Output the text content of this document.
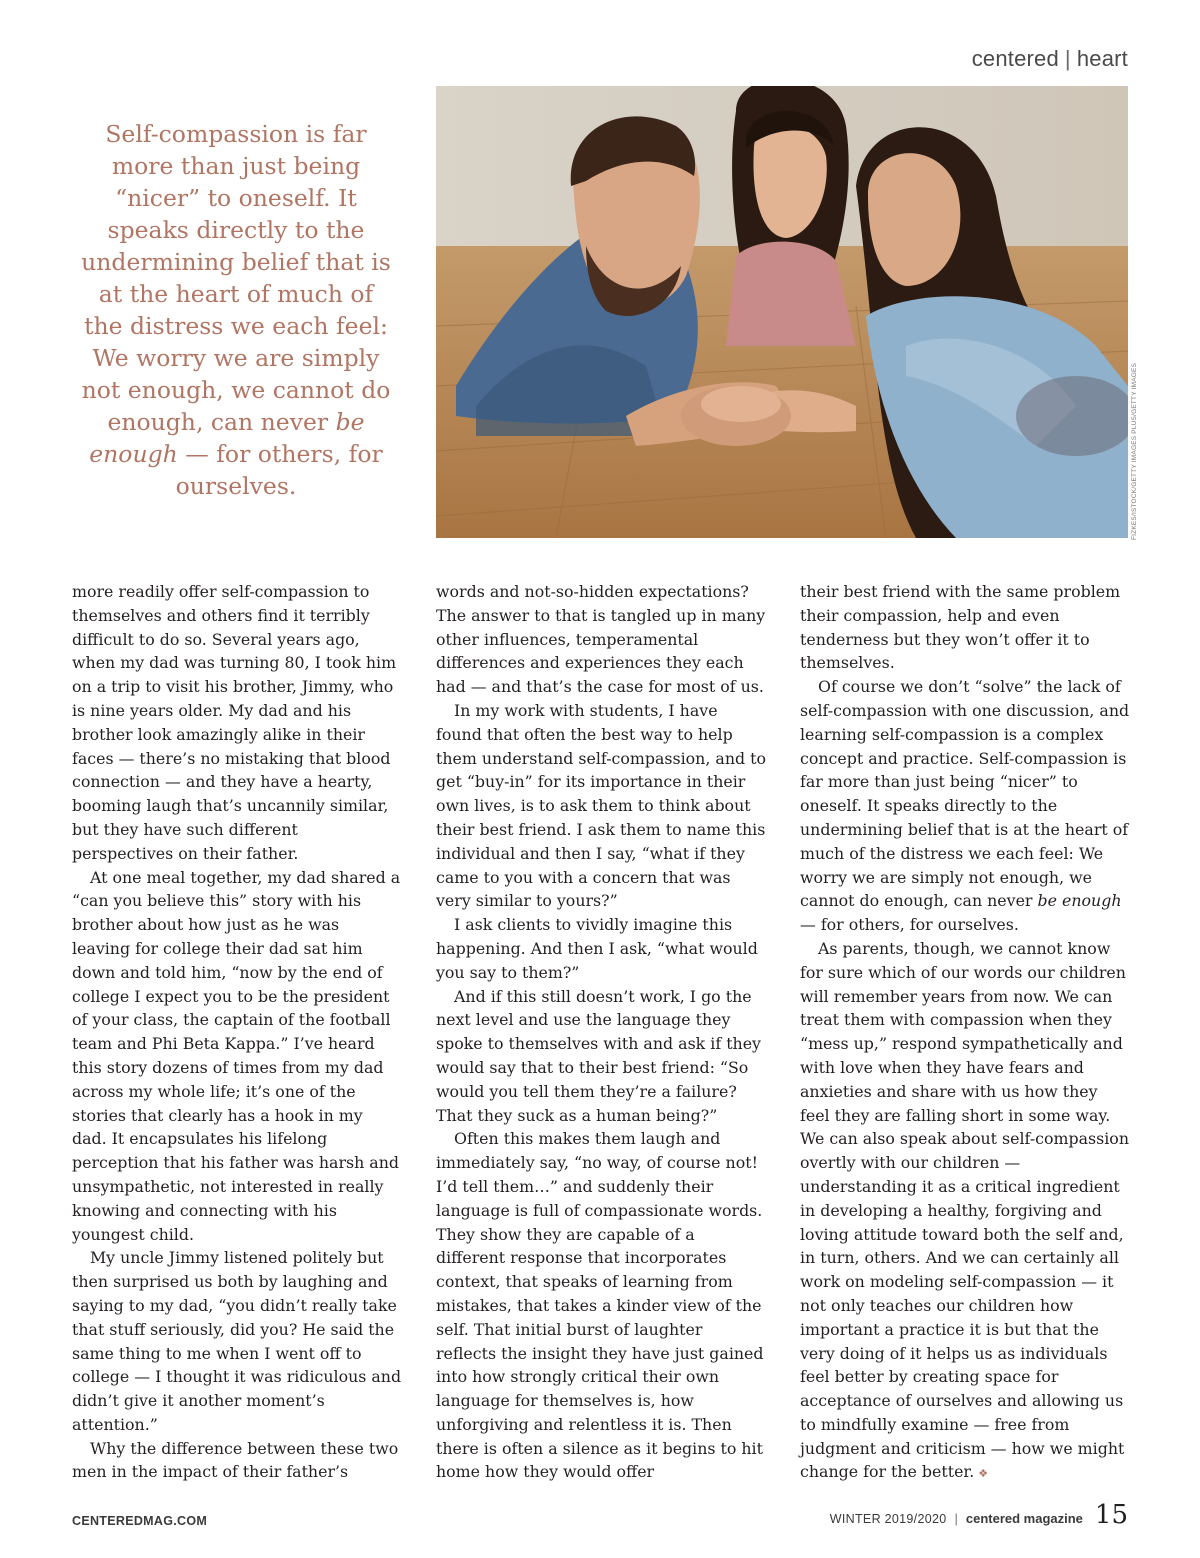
centered | heart
Self-compassion is far more than just being “nicer” to oneself. It speaks directly to the undermining belief that is at the heart of much of the distress we each feel: We worry we are simply not enough, we cannot do enough, can never be enough — for others, for ourselves.	FIZKES/ISTOCK/GETTY IMAGES PLUS/GETTY IMAGES

more readily offer self-compassion to themselves and others find it terribly difficult to do so. Several years ago, when my dad was turning 80, I took him on a trip to visit his brother, Jimmy, who is nine years older. My dad and his brother look amazingly alike in their faces — there’s no mistaking that blood connection — and they have a hearty, booming laugh that’s uncannily similar, but they have such different perspectives on their father.

At one meal together, my dad shared a “can you believe this” story with his brother about how just as he was leaving for college their dad sat him down and told him, “now by the end of college I expect you to be the president of your class, the captain of the football team and Phi Beta Kappa.” I’ve heard this story dozens of times from my dad across my whole life; it’s one of the stories that clearly has a hook in my dad. It encapsulates his lifelong perception that his father was harsh and unsympathetic, not interested in really knowing and connecting with his youngest child.

My uncle Jimmy listened politely but then surprised us both by laughing and saying to my dad, “you didn’t really take that stuff seriously, did you? He said the same thing to me when I went off to college — I thought it was ridiculous and didn’t give it another moment’s attention.”

Why the difference between these two men in the impact of their father’s

words and not-so-hidden expectations? The answer to that is tangled up in many other influences, temperamental differences and experiences they each had — and that’s the case for most of us.

In my work with students, I have found that often the best way to help them understand self-compassion, and to get “buy-in” for its importance in their own lives, is to ask them to think about their best friend. I ask them to name this individual and then I say, “what if they came to you with a concern that was very similar to yours?”

I ask clients to vividly imagine this happening. And then I ask, “what would you say to them?”

And if this still doesn’t work, I go the next level and use the language they spoke to themselves with and ask if they would say that to their best friend: “So would you tell them they’re a failure? That they suck as a human being?”

Often this makes them laugh and immediately say, “no way, of course not! I’d tell them…” and suddenly their language is full of compassionate words. They show they are capable of a different response that incorporates context, that speaks of learning from mistakes, that takes a kinder view of the self. That initial burst of laughter reflects the insight they have just gained into how strongly critical their own language for themselves is, how unforgiving and relentless it is. Then there is often a silence as it begins to hit home how they would offer

their best friend with the same problem their compassion, help and even tenderness but they won’t offer it to themselves.

Of course we don’t “solve” the lack of self-compassion with one discussion, and learning self-compassion is a complex concept and practice. Self-compassion is far more than just being “nicer” to oneself. It speaks directly to the undermining belief that is at the heart of much of the distress we each feel: We worry we are simply not enough, we cannot do enough, can never be enough — for others, for ourselves.

As parents, though, we cannot know for sure which of our words our children will remember years from now. We can treat them with compassion when they “mess up,” respond sympathetically and with love when they have fears and anxieties and share with us how they feel they are falling short in some way. We can also speak about self-compassion overtly with our children — understanding it as a critical ingredient in developing a healthy, forgiving and loving attitude toward both the self and, in turn, others. And we can certainly all work on modeling self-compassion — it not only teaches our children how important a practice it is but that the very doing of it helps us as individuals feel better by creating space for acceptance of ourselves and allowing us to mindfully examine — free from judgment and criticism — how we might change for the better. ❖

CENTEREDMAG.COM	WINTER 2019/2020 | centered magazine 15
